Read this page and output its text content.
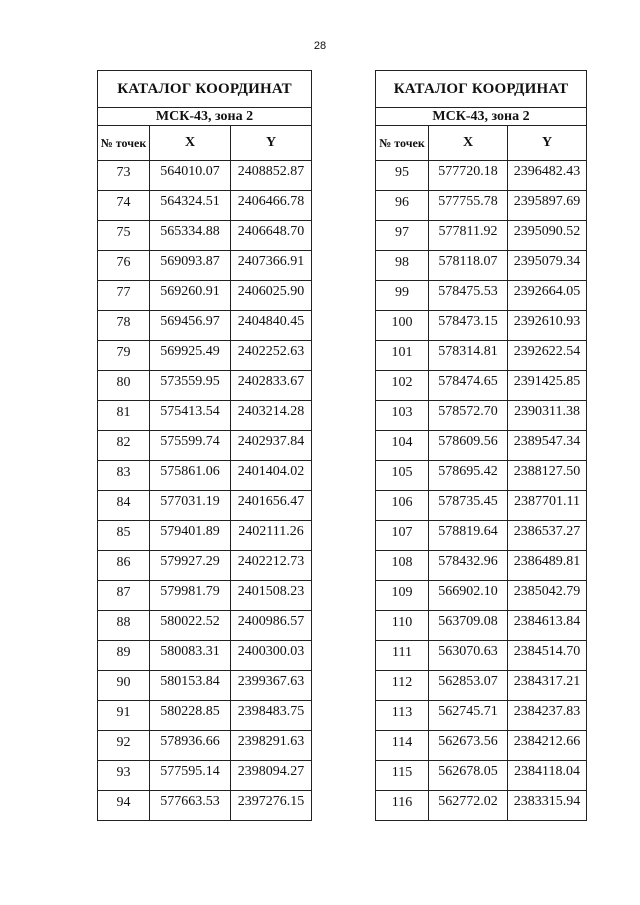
28
КАТАЛОГ КООРДИНАТ		
МСК-43, зона 2		
№ точек	X	Y
73	564010.07	2408852.87
74	564324.51	2406466.78
75	565334.88	2406648.70
76	569093.87	2407366.91
77	569260.91	2406025.90
78	569456.97	2404840.45
79	569925.49	2402252.63
80	573559.95	2402833.67
81	575413.54	2403214.28
82	575599.74	2402937.84
83	575861.06	2401404.02
84	577031.19	2401656.47
85	579401.89	2402111.26
86	579927.29	2402212.73
87	579981.79	2401508.23
88	580022.52	2400986.57
89	580083.31	2400300.03
90	580153.84	2399367.63
91	580228.85	2398483.75
92	578936.66	2398291.63
93	577595.14	2398094.27
94	577663.53	2397276.15
КАТАЛОГ КООРДИНАТ		
МСК-43, зона 2		
№ точек	X	Y
95	577720.18	2396482.43
96	577755.78	2395897.69
97	577811.92	2395090.52
98	578118.07	2395079.34
99	578475.53	2392664.05
100	578473.15	2392610.93
101	578314.81	2392622.54
102	578474.65	2391425.85
103	578572.70	2390311.38
104	578609.56	2389547.34
105	578695.42	2388127.50
106	578735.45	2387701.11
107	578819.64	2386537.27
108	578432.96	2386489.81
109	566902.10	2385042.79
110	563709.08	2384613.84
111	563070.63	2384514.70
112	562853.07	2384317.21
113	562745.71	2384237.83
114	562673.56	2384212.66
115	562678.05	2384118.04
116	562772.02	2383315.94
